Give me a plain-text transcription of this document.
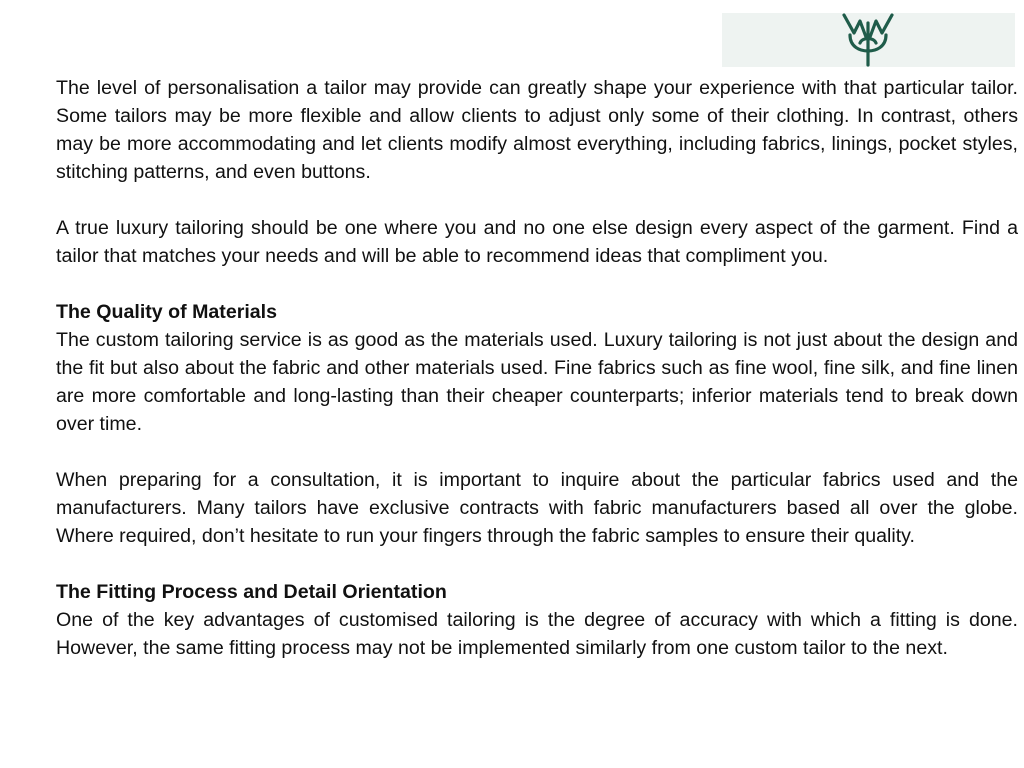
The level of personalisation a tailor may provide can greatly shape your experience with that particular tailor. Some tailors may be more flexible and allow clients to adjust only some of their clothing. In contrast, others may be more accommodating and let clients modify almost everything, including fabrics, linings, pocket styles, stitching patterns, and even buttons.

A true luxury tailoring should be one where you and no one else design every aspect of the garment. Find a tailor that matches your needs and will be able to recommend ideas that compliment you.

The Quality of Materials

The custom tailoring service is as good as the materials used. Luxury tailoring is not just about the design and the fit but also about the fabric and other materials used. Fine fabrics such as fine wool, fine silk, and fine linen are more comfortable and long-lasting than their cheaper counterparts; inferior materials tend to break down over time.

When preparing for a consultation, it is important to inquire about the particular fabrics used and the manufacturers. Many tailors have exclusive contracts with fabric manufacturers based all over the globe. Where required, don’t hesitate to run your fingers through the fabric samples to ensure their quality.

The Fitting Process and Detail Orientation

One of the key advantages of customised tailoring is the degree of accuracy with which a fitting is done. However, the same fitting process may not be implemented similarly from one custom tailor to the next.
